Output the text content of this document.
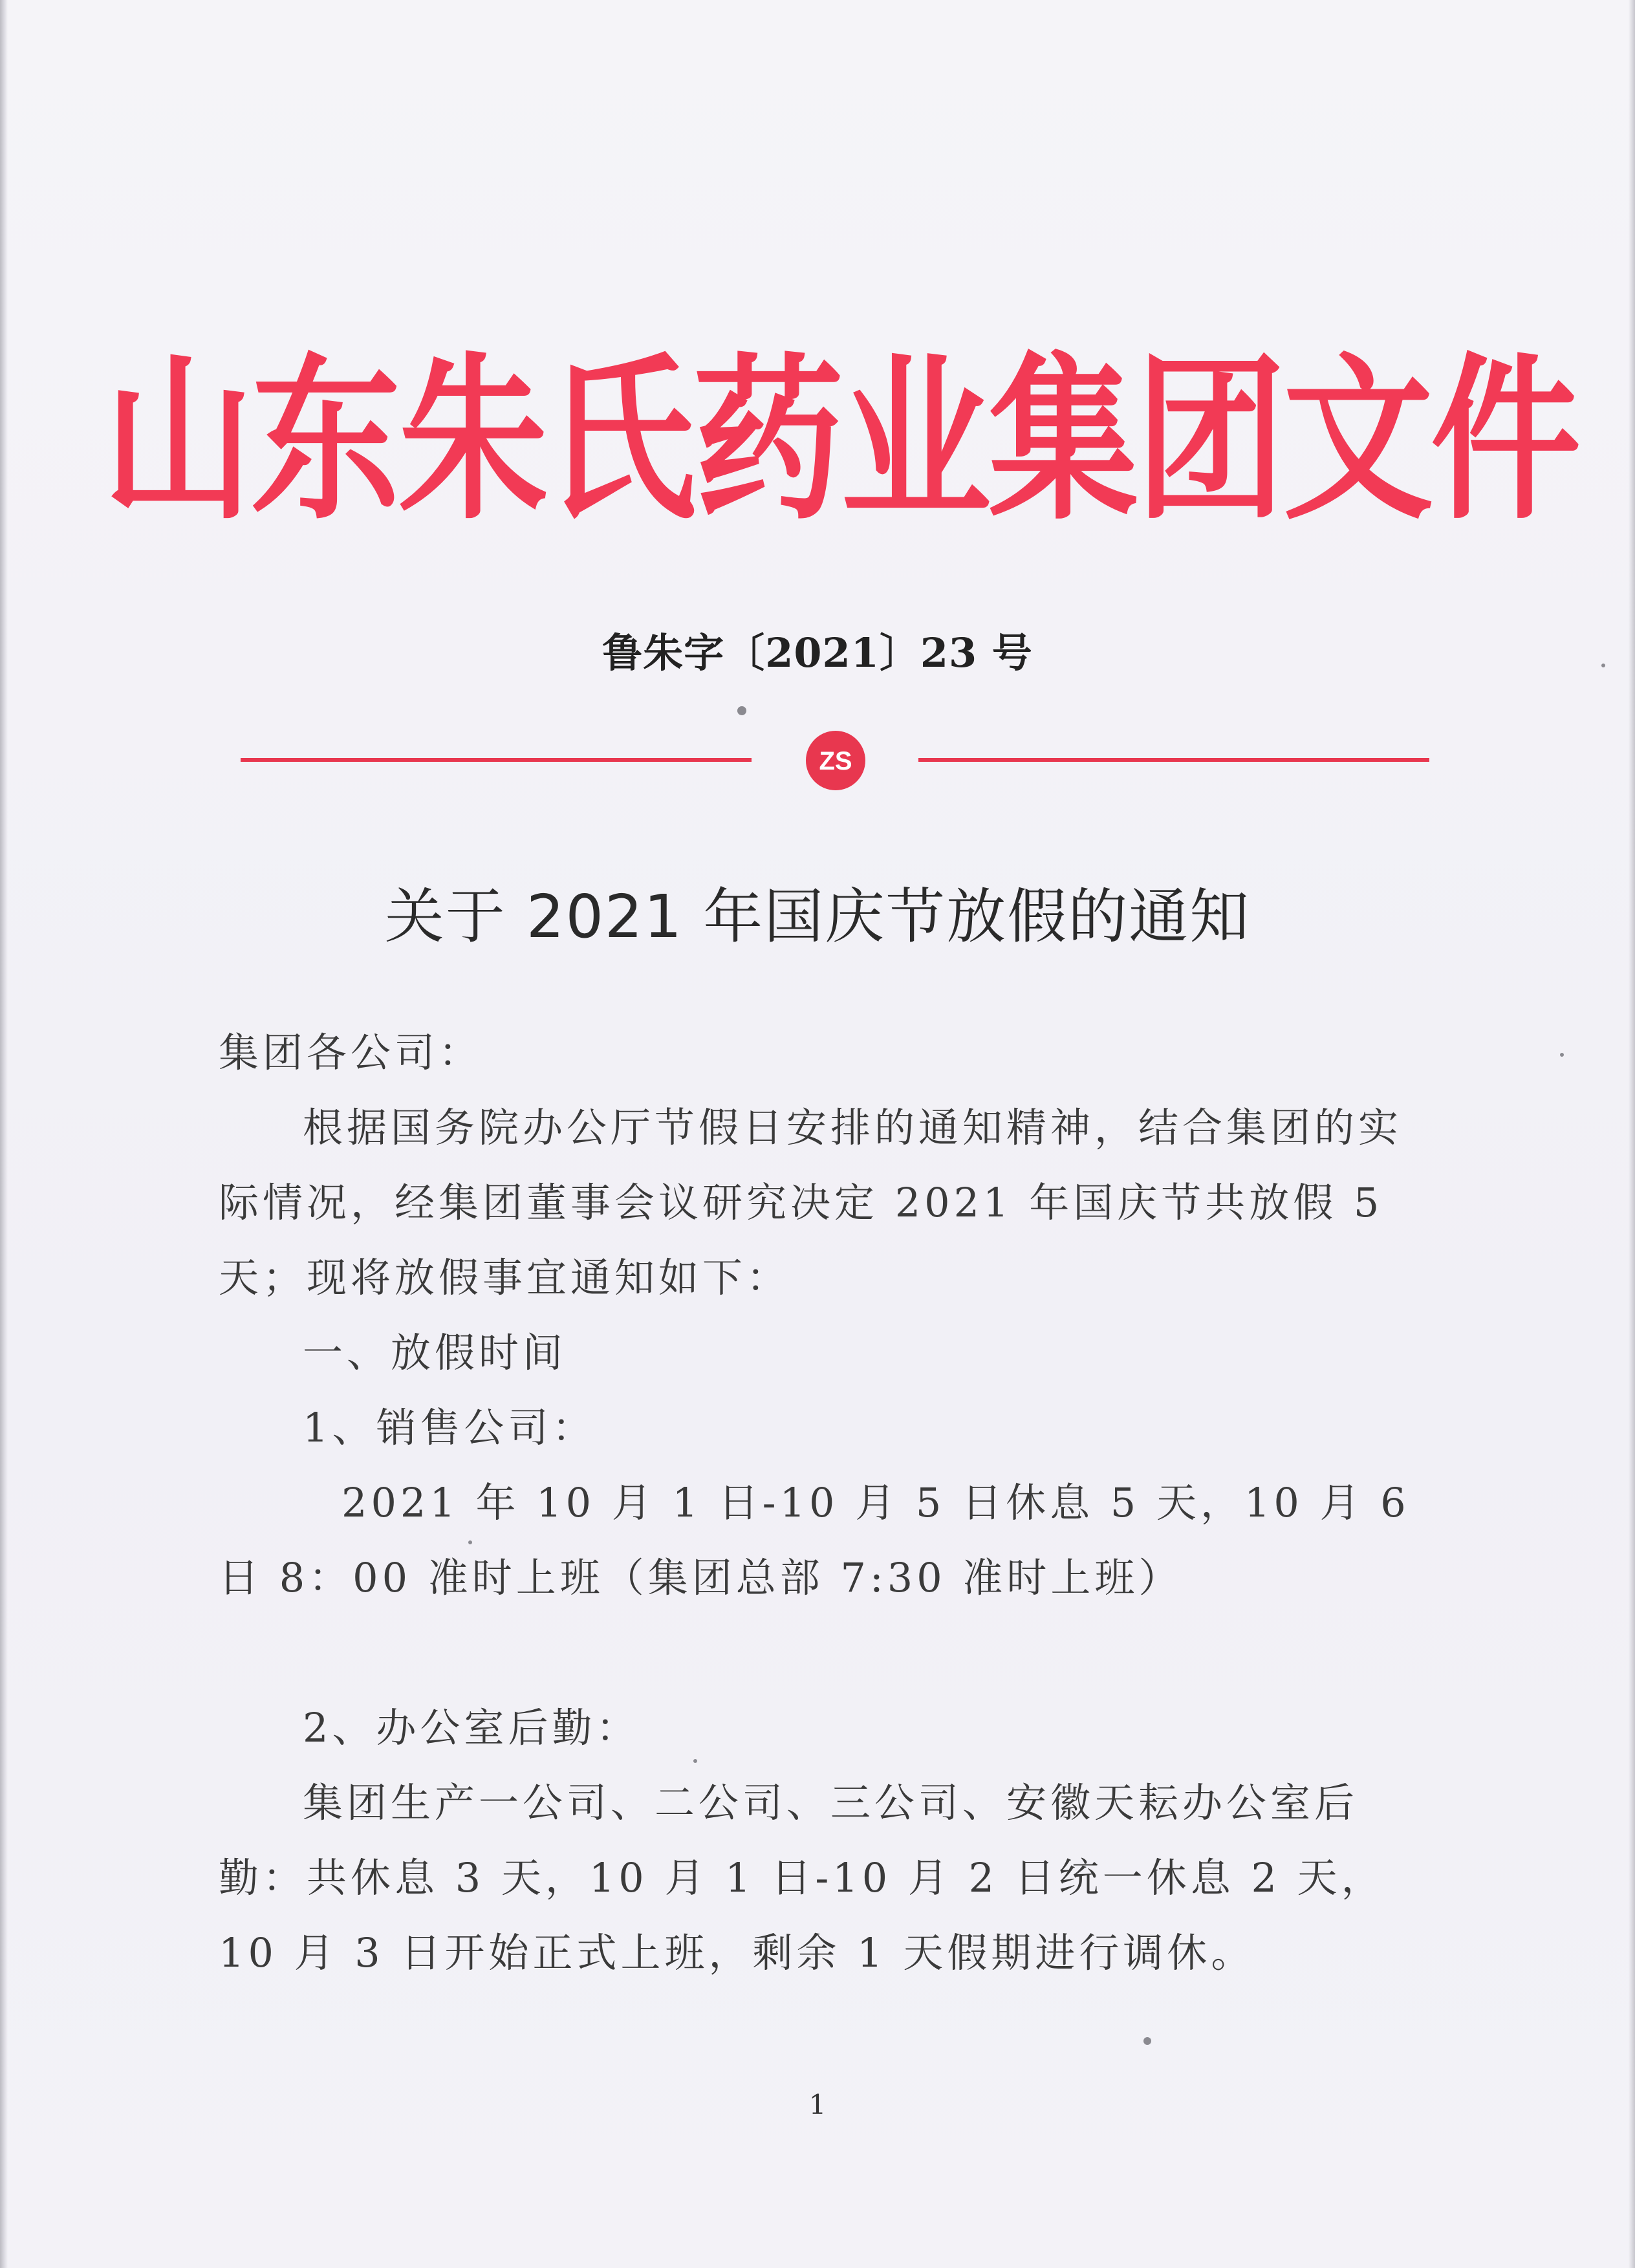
山东朱氏药业集团文件
鲁朱字〔2021〕23 号
ZS
关于 2021 年国庆节放假的通知

集团各公司：

根据国务院办公厅节假日安排的通知精神，结合集团的实际情况，经集团董事会议研究决定 2021 年国庆节共放假 5 天；现将放假事宜通知如下：

一、放假时间

1、销售公司：

2021 年 10 月 1 日-10 月 5 日休息 5 天，10 月 6 日 8：00 准时上班（集团总部 7:30 准时上班）

2、办公室后勤：

集团生产一公司、二公司、三公司、安徽天耘办公室后勤：共休息 3 天，10 月 1 日-10 月 2 日统一休息 2 天，10 月 3 日开始正式上班，剩余 1 天假期进行调休。

1
